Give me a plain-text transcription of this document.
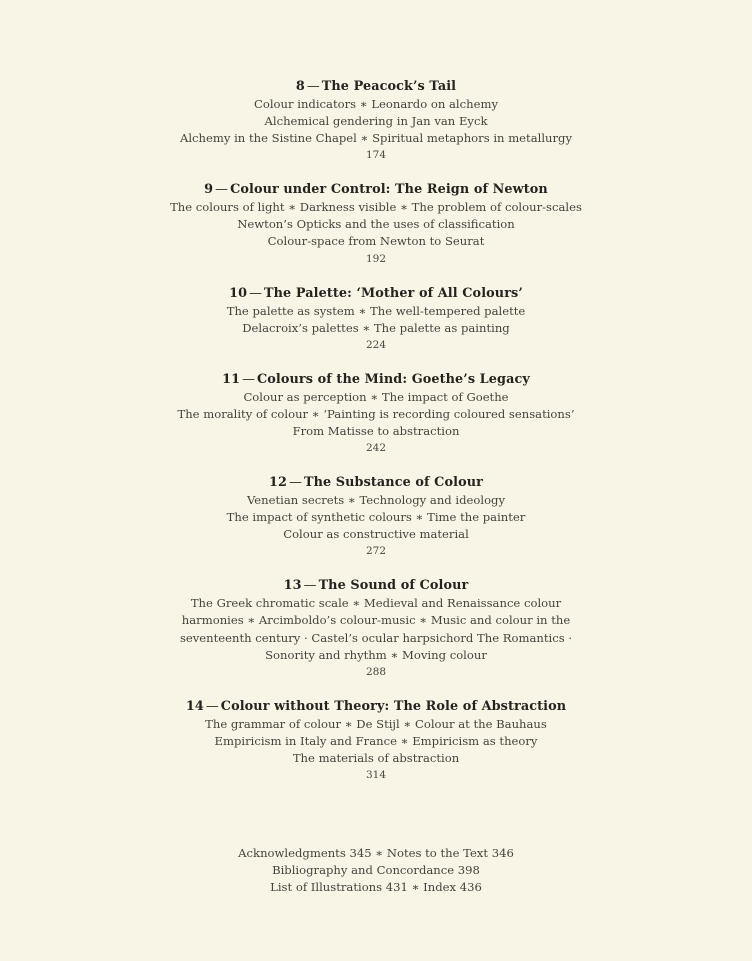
8 — The Peacock’s Tail

Colour indicators ∗ Leonardo on alchemy

Alchemical gendering in Jan van Eyck

Alchemy in the Sistine Chapel ∗ Spiritual metaphors in metallurgy

174

9 — Colour under Control: The Reign of Newton

The colours of light ∗ Darkness visible ∗ The problem of colour-scales

Newton’s Opticks and the uses of classification

Colour-space from Newton to Seurat

192

10 — The Palette: ‘Mother of All Colours’

The palette as system ∗ The well-tempered palette

Delacroix’s palettes ∗ The palette as painting

224

11 — Colours of the Mind: Goethe’s Legacy

Colour as perception ∗ The impact of Goethe

The morality of colour ∗ ‘Painting is recording coloured sensations’

From Matisse to abstraction

242

12 — The Substance of Colour

Venetian secrets ∗ Technology and ideology

The impact of synthetic colours ∗ Time the painter

Colour as constructive material

272

13 — The Sound of Colour

The Greek chromatic scale ∗ Medieval and Renaissance colour

harmonies ∗ Arcimboldo’s colour-music ∗ Music and colour in the

seventeenth century · Castel’s ocular harpsichord The Romantics ·

Sonority and rhythm ∗ Moving colour

288

14 — Colour without Theory: The Role of Abstraction

The grammar of colour ∗ De Stijl ∗ Colour at the Bauhaus

Empiricism in Italy and France ∗ Empiricism as theory

The materials of abstraction

314

Acknowledgments 345 ∗ Notes to the Text 346

Bibliography and Concordance 398

List of Illustrations 431 ∗ Index 436
